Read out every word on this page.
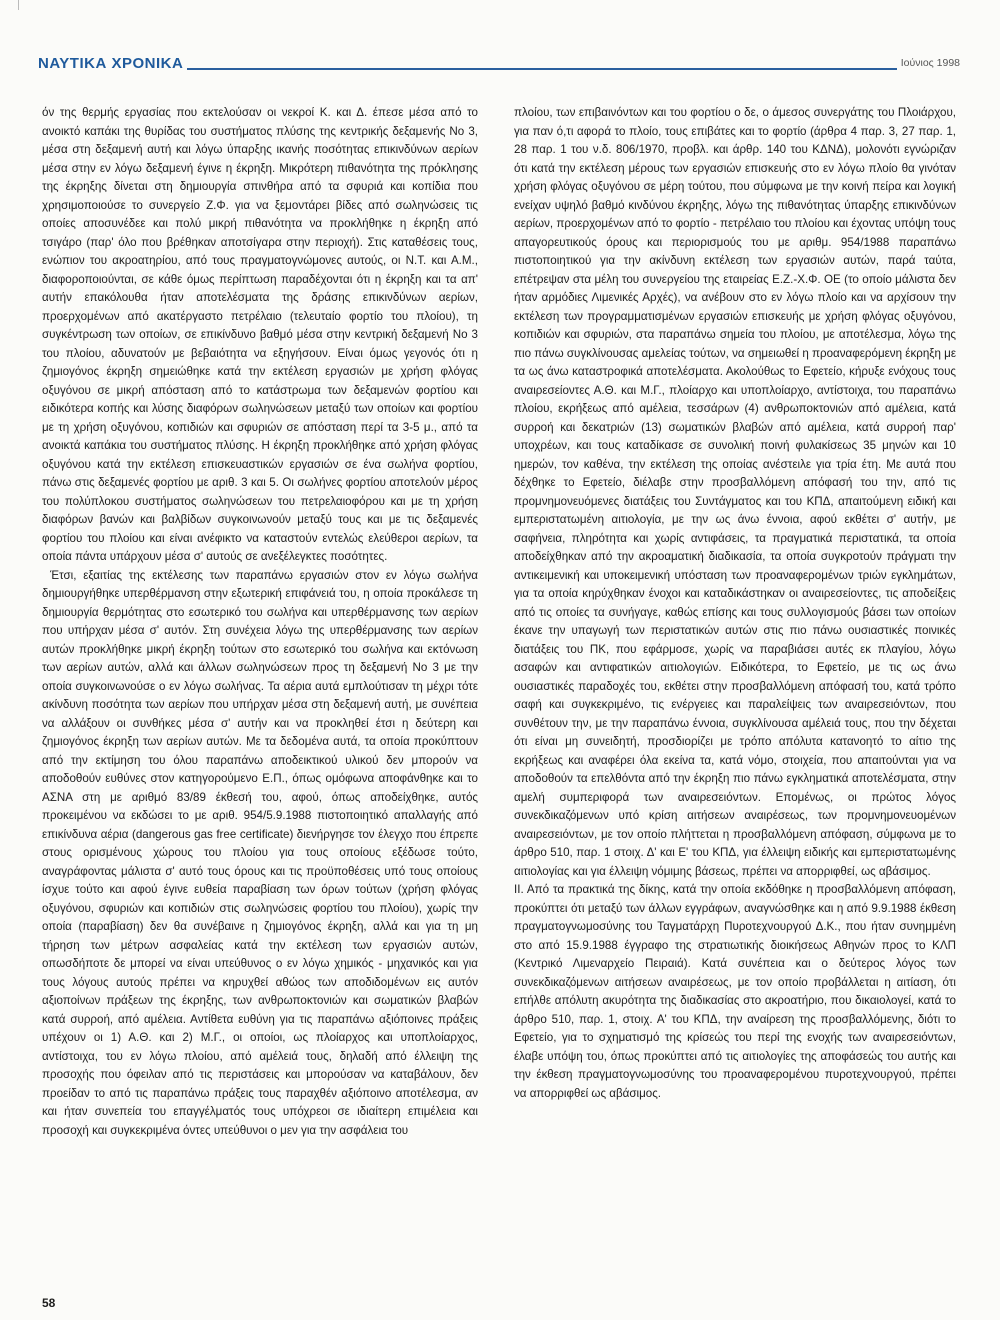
ΝΑΥΤΙΚΑ ΧΡΟΝΙΚΑ	Ιούνιος 1998

όν της θερμής εργασίας που εκτελούσαν οι νεκροί Κ. και Δ. έπεσε μέσα από το ανοικτό καπάκι της θυρίδας του συστήματος πλύσης της κεντρικής δεξαμενής Νο 3, μέσα στη δεξαμενή αυτή και λόγω ύπαρξης ικανής ποσότητας επικινδύνων αερίων μέσα στην εν λόγω δεξαμενή έγινε η έκρηξη. Μικρότερη πιθανότητα της πρόκλησης της έκρηξης δίνεται στη δημιουργία σπινθήρα από τα σφυριά και κοπίδια που χρησιμοποιούσε το συνεργείο Ζ.Φ. για να ξεμοντάρει βίδες από σωληνώσεις τις οποίες αποσυνέδεε και πολύ μικρή πιθανότητα να προκλήθηκε η έκρηξη από τσιγάρο (παρ' όλο που βρέθηκαν αποτσίγαρα στην περιοχή). Στις καταθέσεις τους, ενώπιον του ακροατηρίου, από τους πραγματογνώμονες αυτούς, οι Ν.Τ. και Α.Μ., διαφοροποιούνται, σε κάθε όμως περίπτωση παραδέχονται ότι η έκρηξη και τα απ' αυτήν επακόλουθα ήταν αποτελέσματα της δράσης επικινδύνων αερίων, προερχομένων από ακατέργαστο πετρέλαιο (τελευταίο φορτίο του πλοίου), τη συγκέντρωση των οποίων, σε επικίνδυνο βαθμό μέσα στην κεντρική δεξαμενή Νο 3 του πλοίου, αδυνατούν με βεβαιότητα να εξηγήσουν. Είναι όμως γεγονός ότι η ζημιογόνος έκρηξη σημειώθηκε κατά την εκτέλεση εργασιών με χρήση φλόγας οξυγόνου σε μικρή απόσταση από το κατάστρωμα των δεξαμενών φορτίου και ειδικότερα κοπής και λύσης διαφόρων σωληνώσεων μεταξύ των οποίων και φορτίου με τη χρήση οξυγόνου, κοπιδιών και σφυριών σε απόσταση περί τα 3-5 μ., από τα ανοικτά καπάκια του συστήματος πλύσης. Η έκρηξη προκλήθηκε από χρήση φλόγας οξυγόνου κατά την εκτέλεση επισκευαστικών εργασιών σε ένα σωλήνα φορτίου, πάνω στις δεξαμενές φορτίου με αριθ. 3 και 5. Οι σωλήνες φορτίου αποτελούν μέρος του πολύπλοκου συστήματος σωληνώσεων του πετρελαιοφόρου και με τη χρήση διαφόρων βανών και βαλβίδων συγκοινωνούν μεταξύ τους και με τις δεξαμενές φορτίου του πλοίου και είναι ανέφικτο να καταστούν εντελώς ελεύθεροι αερίων, τα οποία πάντα υπάρχουν μέσα σ' αυτούς σε ανεξέλεγκτες ποσότητες.

Έτσι, εξαιτίας της εκτέλεσης των παραπάνω εργασιών στον εν λόγω σωλήνα δημιουργήθηκε υπερθέρμανση στην εξωτερική επιφάνειά του, η οποία προκάλεσε τη δημιουργία θερμότητας στο εσωτερικό του σωλήνα και υπερθέρμανσης των αερίων που υπήρχαν μέσα σ' αυτόν. Στη συνέχεια λόγω της υπερθέρμανσης των αερίων αυτών προκλήθηκε μικρή έκρηξη τούτων στο εσωτερικό του σωλήνα και εκτόνωση των αερίων αυτών, αλλά και άλλων σωληνώσεων προς τη δεξαμενή Νο 3 με την οποία συγκοινωνούσε ο εν λόγω σωλήνας. Τα αέρια αυτά εμπλούτισαν τη μέχρι τότε ακίνδυνη ποσότητα των αερίων που υπήρχαν μέσα στη δεξαμενή αυτή, με συνέπεια να αλλάξουν οι συνθήκες μέσα σ' αυτήν και να προκληθεί έτσι η δεύτερη και ζημιογόνος έκρηξη των αερίων αυτών. Με τα δεδομένα αυτά, τα οποία προκύπτουν από την εκτίμηση του όλου παραπάνω αποδεικτικού υλικού δεν μπορούν να αποδοθούν ευθύνες στον κατηγορούμενο Ε.Π., όπως ομόφωνα αποφάνθηκε και το ΑΣΝΑ στη με αριθμό 83/89 έκθεσή του, αφού, όπως αποδείχθηκε, αυτός προκειμένου να εκδώσει το με αριθ. 954/5.9.1988 πιστοποιητικό απαλλαγής από επικίνδυνα αέρια (dangerous gas free certificate) διενήργησε τον έλεγχο που έπρεπε στους ορισμένους χώρους του πλοίου για τους οποίους εξέδωσε τούτο, αναγράφοντας μάλιστα σ' αυτό τους όρους και τις προϋποθέσεις υπό τους οποίους ίσχυε τούτο και αφού έγινε ευθεία παραβίαση των όρων τούτων (χρήση φλόγας οξυγόνου, σφυριών και κοπιδιών στις σωληνώσεις φορτίου του πλοίου), χωρίς την οποία (παραβίαση) δεν θα συνέβαινε η ζημιογόνος έκρηξη, αλλά και για τη μη τήρηση των μέτρων ασφαλείας κατά την εκτέλεση των εργασιών αυτών, οπωσδήποτε δε μπορεί να είναι υπεύθυνος ο εν λόγω χημικός - μηχανικός και για τους λόγους αυτούς πρέπει να κηρυχθεί αθώος των αποδιδομένων εις αυτόν αξιοποίνων πράξεων της έκρηξης, των ανθρωποκτονιών και σωματικών βλαβών κατά συρροή, από αμέλεια. Αντίθετα ευθύνη για τις παραπάνω αξιόποινες πράξεις υπέχουν οι 1) Α.Θ. και 2) Μ.Γ., οι οποίοι, ως πλοίαρχος και υποπλοίαρχος, αντίστοιχα, του εν λόγω πλοίου, από αμέλειά τους, δηλαδή από έλλειψη της προσοχής που όφειλαν από τις περιστάσεις και μπορούσαν να καταβάλουν, δεν προείδαν το από τις παραπάνω πράξεις τους παραχθέν αξιόποινο αποτέλεσμα, αν και ήταν συνεπεία του επαγγέλματός τους υπόχρεοι σε ιδιαίτερη επιμέλεια και προσοχή και συγκεκριμένα όντες υπεύθυνοι ο μεν για την ασφάλεια του

πλοίου, των επιβαινόντων και του φορτίου ο δε, ο άμεσος συνεργάτης του Πλοιάρχου, για παν ό,τι αφορά το πλοίο, τους επιβάτες και το φορτίο (άρθρα 4 παρ. 3, 27 παρ. 1, 28 παρ. 1 του ν.δ. 806/1970, προβλ. και άρθρ. 140 του ΚΔΝΔ), μολονότι εγνώριζαν ότι κατά την εκτέλεση μέρους των εργασιών επισκευής στο εν λόγω πλοίο θα γινόταν χρήση φλόγας οξυγόνου σε μέρη τούτου, που σύμφωνα με την κοινή πείρα και λογική ενείχαν υψηλό βαθμό κινδύνου έκρηξης, λόγω της πιθανότητας ύπαρξης επικινδύνων αερίων, προερχομένων από το φορτίο - πετρέλαιο του πλοίου και έχοντας υπόψη τους απαγορευτικούς όρους και περιορισμούς του με αριθμ. 954/1988 παραπάνω πιστοποιητικού για την ακίνδυνη εκτέλεση των εργασιών αυτών, παρά ταύτα, επέτρεψαν στα μέλη του συνεργείου της εταιρείας Ε.Ζ.-Χ.Φ. ΟΕ (το οποίο μάλιστα δεν ήταν αρμόδιες Λιμενικές Αρχές), να ανέβουν στο εν λόγω πλοίο και να αρχίσουν την εκτέλεση των προγραμματισμένων εργασιών επισκευής με χρήση φλόγας οξυγόνου, κοπιδιών και σφυριών, στα παραπάνω σημεία του πλοίου, με αποτέλεσμα, λόγω της πιο πάνω συγκλίνουσας αμελείας τούτων, να σημειωθεί η προαναφερόμενη έκρηξη με τα ως άνω καταστροφικά αποτελέσματα. Ακολούθως το Εφετείο, κήρυξε ενόχους τους αναιρεσείοντες Α.Θ. και Μ.Γ., πλοίαρχο και υποπλοίαρχο, αντίστοιχα, του παραπάνω πλοίου, εκρήξεως από αμέλεια, τεσσάρων (4) ανθρωποκτονιών από αμέλεια, κατά συρροή και δεκατριών (13) σωματικών βλαβών από αμέλεια, κατά συρροή παρ' υποχρέων, και τους καταδίκασε σε συνολική ποινή φυλακίσεως 35 μηνών και 10 ημερών, τον καθένα, την εκτέλεση της οποίας ανέστειλε για τρία έτη. Με αυτά που δέχθηκε το Εφετείο, διέλαβε στην προσβαλλόμενη απόφασή του την, από τις προμνημονευόμενες διατάξεις του Συντάγματος και του ΚΠΔ, απαιτούμενη ειδική και εμπεριστατωμένη αιτιολογία, με την ως άνω έννοια, αφού εκθέτει σ' αυτήν, με σαφήνεια, πληρότητα και χωρίς αντιφάσεις, τα πραγματικά περιστατικά, τα οποία αποδείχθηκαν από την ακροαματική διαδικασία, τα οποία συγκροτούν πράγματι την αντικειμενική και υποκειμενική υπόσταση των προαναφερομένων τριών εγκλημάτων, για τα οποία κηρύχθηκαν ένοχοι και καταδικάστηκαν οι αναιρεσείοντες, τις αποδείξεις από τις οποίες τα συνήγαγε, καθώς επίσης και τους συλλογισμούς βάσει των οποίων έκανε την υπαγωγή των περιστατικών αυτών στις πιο πάνω ουσιαστικές ποινικές διατάξεις του ΠΚ, που εφάρμοσε, χωρίς να παραβιάσει αυτές εκ πλαγίου, λόγω ασαφών και αντιφατικών αιτιολογιών. Ειδικότερα, το Εφετείο, με τις ως άνω ουσιαστικές παραδοχές του, εκθέτει στην προσβαλλόμενη απόφασή του, κατά τρόπο σαφή και συγκεκριμένο, τις ενέργειες και παραλείψεις των αναιρεσειόντων, που συνθέτουν την, με την παραπάνω έννοια, συγκλίνουσα αμέλειά τους, που την δέχεται ότι είναι μη συνειδητή, προσδιορίζει με τρόπο απόλυτα κατανοητό το αίτιο της εκρήξεως και αναφέρει όλα εκείνα τα, κατά νόμο, στοιχεία, που απαιτούνται για να αποδοθούν τα επελθόντα από την έκρηξη πιο πάνω εγκληματικά αποτελέσματα, στην αμελή συμπεριφορά των αναιρεσειόντων. Επομένως, οι πρώτος λόγος συνεκδικαζόμενων υπό κρίση αιτήσεων αναιρέσεως, των προμνημονευομένων αναιρεσειόντων, με τον οποίο πλήττεται η προσβαλλόμενη απόφαση, σύμφωνα με το άρθρο 510, παρ. 1 στοιχ. Δ' και Ε' του ΚΠΔ, για έλλειψη ειδικής και εμπεριστατωμένης αιτιολογίας και για έλλειψη νόμιμης βάσεως, πρέπει να απορριφθεί, ως αβάσιμος.

ΙΙ. Από τα πρακτικά της δίκης, κατά την οποία εκδόθηκε η προσβαλλόμενη απόφαση, προκύπτει ότι μεταξύ των άλλων εγγράφων, αναγνώσθηκε και η από 9.9.1988 έκθεση πραγματογνωμοσύνης του Ταγματάρχη Πυροτεχνουργού Δ.Κ., που ήταν συνημμένη στο από 15.9.1988 έγγραφο της στρατιωτικής διοικήσεως Αθηνών προς το ΚΛΠ (Κεντρικό Λιμεναρχείο Πειραιά). Κατά συνέπεια και ο δεύτερος λόγος των συνεκδικαζόμενων αιτήσεων αναιρέσεως, με τον οποίο προβάλλεται η αιτίαση, ότι επήλθε απόλυτη ακυρότητα της διαδικασίας στο ακροατήριο, που δικαιολογεί, κατά το άρθρο 510, παρ. 1, στοιχ. Α' του ΚΠΔ, την αναίρεση της προσβαλλόμενης, διότι το Εφετείο, για το σχηματισμό της κρίσεώς του περί της ενοχής των αναιρεσειόντων, έλαβε υπόψη του, όπως προκύπτει από τις αιτιολογίες της αποφάσεώς του αυτής και την έκθεση πραγματογνωμοσύνης του προαναφερομένου πυροτεχνουργού, πρέπει να απορριφθεί ως αβάσιμος.

58
